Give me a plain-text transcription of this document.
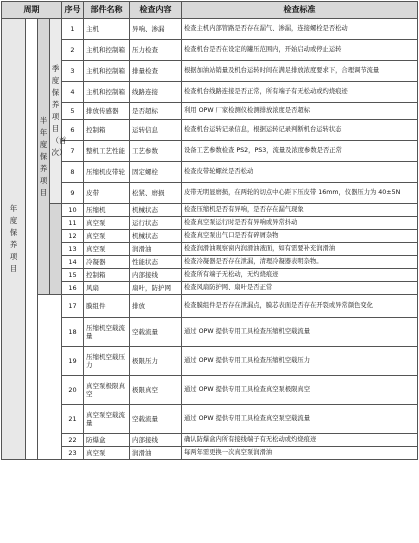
周期				序号	部件名称	检查内容	检查标准
年度保养项目		半年度保养项目	季度保养项目（首次）	1	主机	异响、渗漏	检查主机内部管路是否存在漏气、渗漏，连接螺栓是否松动
				2	主机和控制箱	压力检查	检查机台是否在设定的罐压范围内，开始启动或停止运转
				3	主机和控制箱	排量检查	根据加油站销量及机台运转时间在满足排放浓度要求下，合理调节流量
				4	主机和控制箱	线路连接	检查机台线路连接是否正常，所有端子有无松动或灼烧痕迹
				5	排放传感器	是否超标	利用 OPW 厂家检测仪检测排放浓度是否超标
				6	控制箱	运转信息	检查机台运转记录信息，根据运转记录判断机台运转状态
				7	整机工艺性能	工艺参数	设备工艺参数检查 PS2，PS3，流量及浓度参数是否正常
				8	压缩机皮带轮	固定螺栓	检查皮带轮螺丝是否松动
				9	皮带	松紧、磨损	皮带无明显磨损，在两轮的切点中心距下压皮带 16mm，仪器压力为 40±5N
				10	压缩机	机械状态	检查压缩机是否有异响，是否存在漏气现象
				11	真空泵	运行状态	检查真空泵运行时是否有异响或异常抖动
				12	真空泵	机械状态	检查真空泵出气口是否有碎屑杂物
				13	真空泵	润滑油	检查润滑油观察窗内润滑油液面，如有需要补充润滑油
				14	冷凝器	性能状态	检查冷凝器是否存在泄漏，清理冷凝器表明杂物。
				15	控制箱	内部接线	检查所有端子无松动，无灼烧痕迹
				16	风扇	扇叶，防护网	检查风扇防护网、扇叶是否正常
				17	膜组件	排放	检查膜组件是否存在泄漏点，膜芯表面是否存在开裂或异常颜色变化
				18	压缩机空载流量	空载流量	通过 OPW 提供专用工具检查压缩机空载流量
				19	压缩机空载压力	极限压力	通过 OPW 提供专用工具检查压缩机空载压力
				20	真空泵极限真空	极限真空	通过 OPW 提供专用工具检查真空泵极限真空
				21	真空泵空载流量	空载流量	通过 OPW 提供专用工具检查真空泵空载流量
				22	防爆盒	内部接线	确认防爆盒内所有接线端子有无松动或灼烧痕迹
				23	真空泵	润滑油	每两年需更换一次真空泵润滑油
